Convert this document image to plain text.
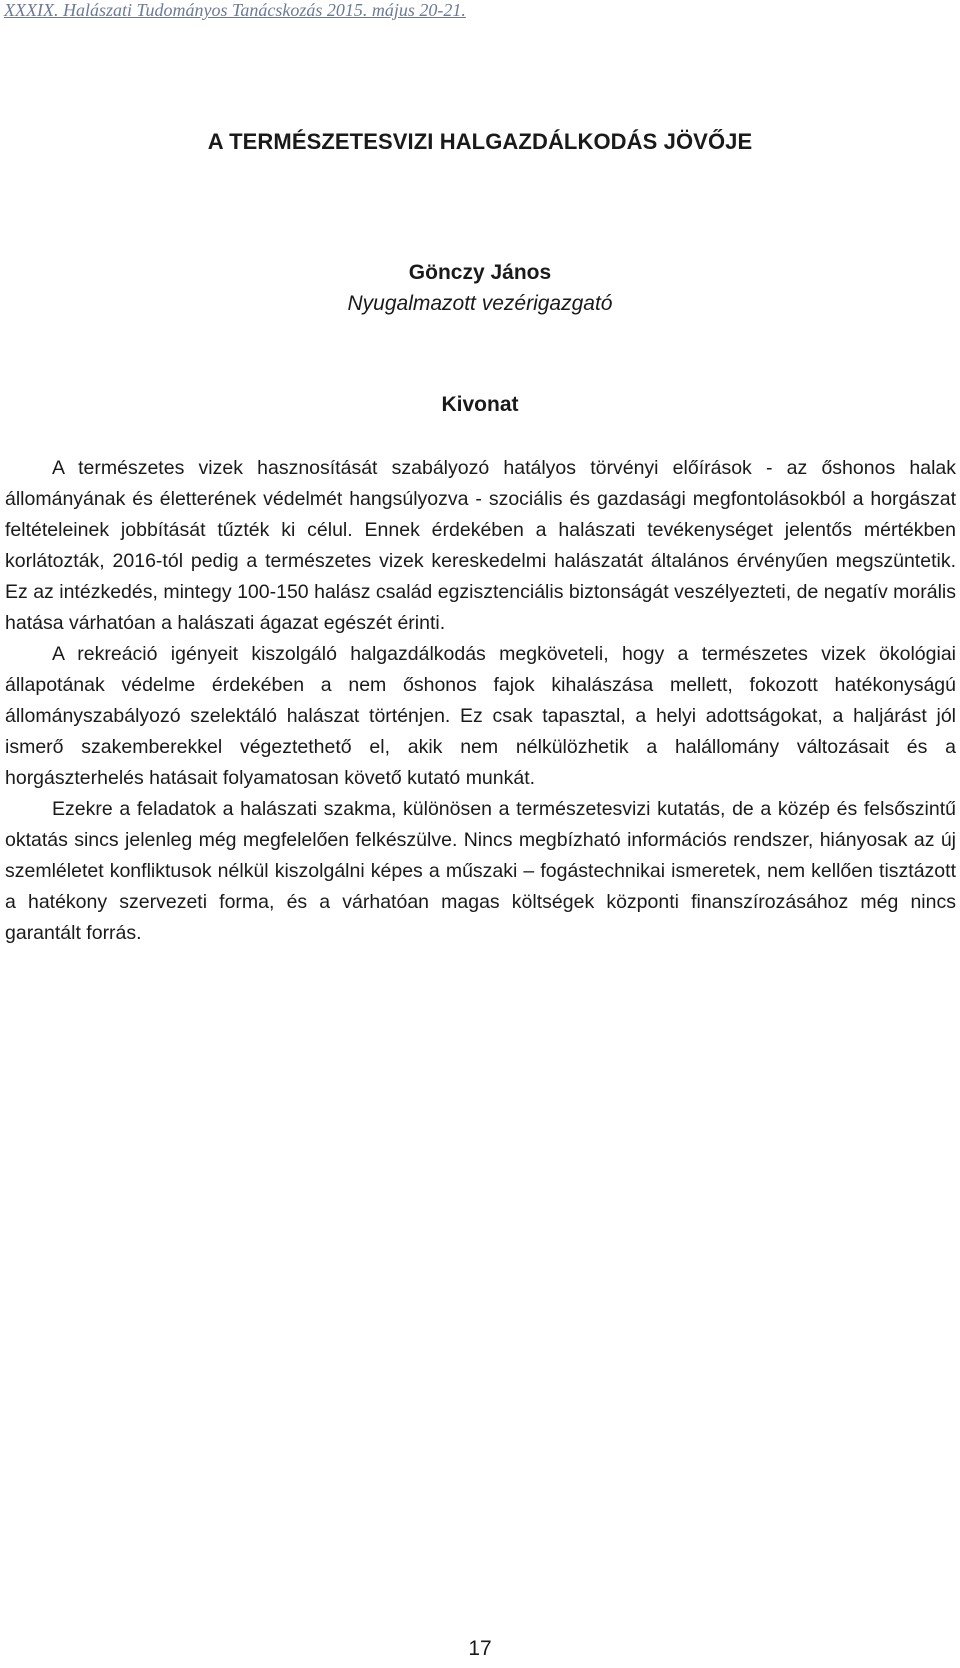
XXXIX. Halászati Tudományos Tanácskozás 2015. május 20-21.
A TERMÉSZETESVIZI HALGAZDÁLKODÁS JÖVŐJE
Gönczy János
Nyugalmazott vezérigazgató
Kivonat

A természetes vizek hasznosítását szabályozó hatályos törvényi előírások - az őshonos halak állományának és életterének védelmét hangsúlyozva - szociális és gazdasági megfontolásokból a horgászat feltételeinek jobbítását tűzték ki célul. Ennek érdekében a halászati tevékenységet jelentős mértékben korlátozták, 2016-tól pedig a természetes vizek kereskedelmi halászatát általános érvényűen megszüntetik. Ez az intézkedés, mintegy 100-150 halász család egzisztenciális biztonságát veszélyezteti, de negatív morális hatása várhatóan a halászati ágazat egészét érinti.

A rekreáció igényeit kiszolgáló halgazdálkodás megköveteli, hogy a természetes vizek ökológiai állapotának védelme érdekében a nem őshonos fajok kihalászása mellett, fokozott hatékonyságú állományszabályozó szelektáló halászat történjen. Ez csak tapasztal, a helyi adottságokat, a haljárást jól ismerő szakemberekkel végeztethető el, akik nem nélkülözhetik a halállomány változásait és a horgászterhelés hatásait folyamatosan követő kutató munkát.

Ezekre a feladatok a halászati szakma, különösen a természetesvizi kutatás, de a közép és felsőszintű oktatás sincs jelenleg még megfelelően felkészülve. Nincs megbízható információs rendszer, hiányosak az új szemléletet konfliktusok nélkül kiszolgálni képes a műszaki – fogástechnikai ismeretek, nem kellően tisztázott a hatékony szervezeti forma, és a várhatóan magas költségek központi finanszírozásához még nincs garantált forrás.

17
